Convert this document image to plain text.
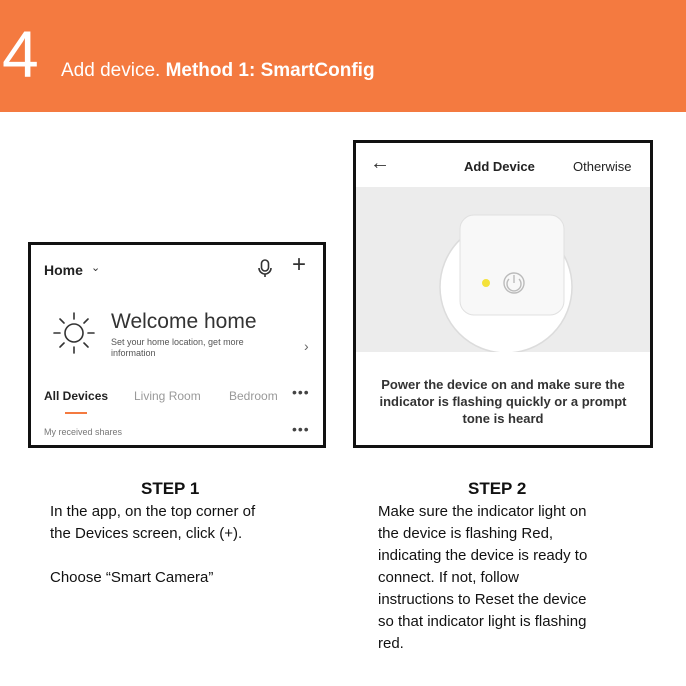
4 Add device. Method 1: SmartConfig
Home ⌄	+
Welcome home
Set your home location, get more information	›
All Devices Living Room Bedroom •••
My received shares	•••
←	Add Device	Otherwise
Power the device on and make sure the indicator is flashing quickly or a prompt tone is heard
STEP 1

In the app, on the top corner of

the Devices screen, click (+).

Choose “Smart Camera”

STEP 2

Make sure the indicator light on

the device is flashing Red,

indicating the device is ready to

connect. If not, follow

instructions to Reset the device

so that indicator light is flashing

red.
